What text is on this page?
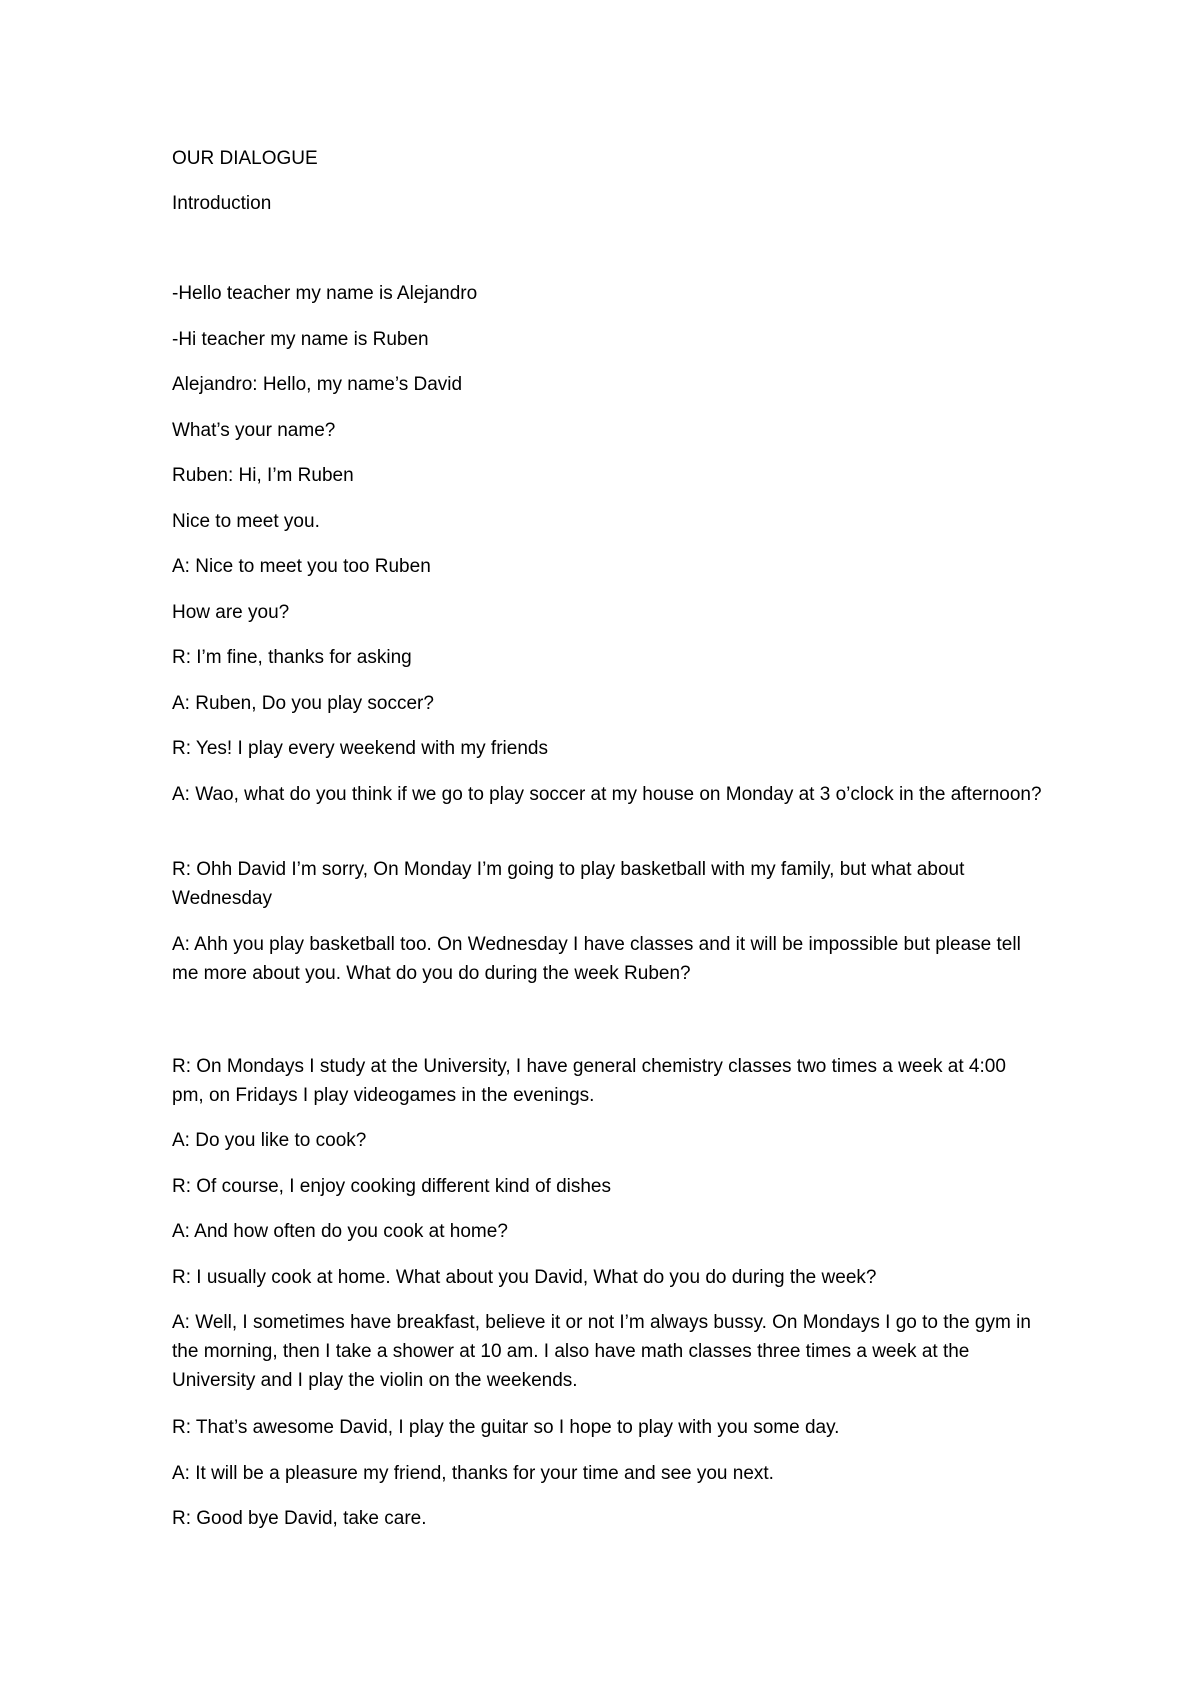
OUR DIALOGUE

Introduction

-Hello teacher my name is Alejandro

-Hi teacher my name is Ruben

Alejandro: Hello, my name’s David

What’s your name?

Ruben: Hi, I’m Ruben

Nice to meet you.

A: Nice to meet you too Ruben

How are you?

R: I’m fine, thanks for asking

A: Ruben, Do you play soccer?

R: Yes! I play every weekend with my friends

A: Wao, what do you think if we go to play soccer at my house on Monday at 3 o’clock in the afternoon?

R: Ohh David I’m sorry, On Monday I’m going to play basketball with my family, but what about Wednesday

A: Ahh you play basketball too. On Wednesday I have classes and it will be impossible but please tell me more about you. What do you do during the week Ruben?

R: On Mondays I study at the University, I have general chemistry classes two times a week at 4:00 pm, on Fridays I play videogames in the evenings.

A: Do you like to cook?

R: Of course, I enjoy cooking different kind of dishes

A: And how often do you cook at home?

R: I usually cook at home. What about you David, What do you do during the week?

A: Well, I sometimes have breakfast, believe it or not I’m always bussy. On Mondays I go to the gym in the morning, then I take a shower at 10 am. I also have math classes three times a week at the University and I play the violin on the weekends.

R: That’s awesome David, I play the guitar so I hope to play with you some day.

A: It will be a pleasure my friend, thanks for your time and see you next.

R: Good bye David, take care.
